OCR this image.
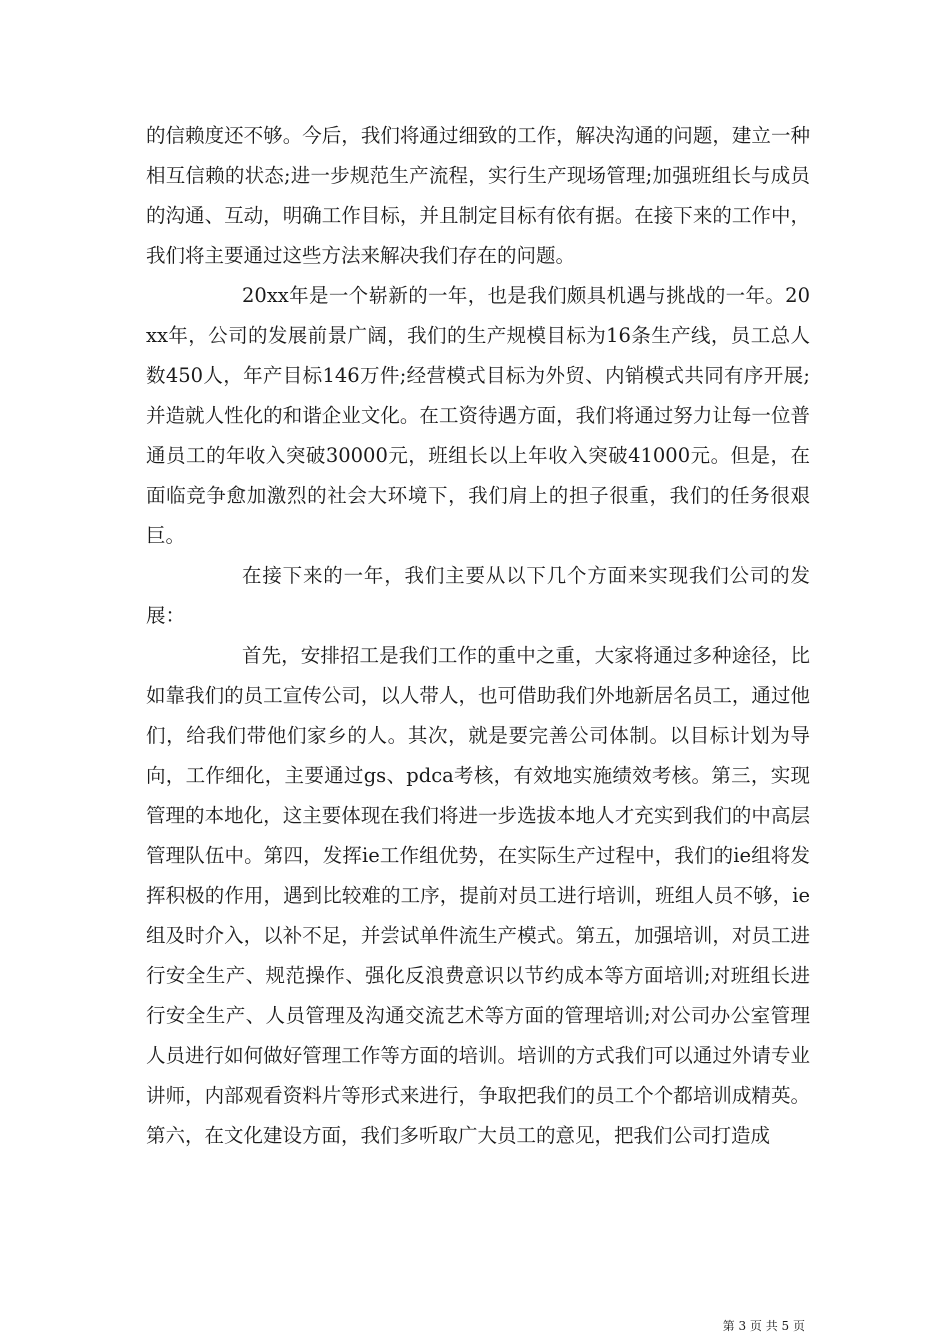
的信赖度还不够。今后，我们将通过细致的工作，解决沟通的问题，建立一种相互信赖的状态;进一步规范生产流程，实行生产现场管理;加强班组长与成员的沟通、互动，明确工作目标，并且制定目标有依有据。在接下来的工作中，我们将主要通过这些方法来解决我们存在的问题。

20xx年是一个崭新的一年，也是我们颇具机遇与挑战的一年。20xx年，公司的发展前景广阔，我们的生产规模目标为16条生产线，员工总人数450人，年产目标146万件;经营模式目标为外贸、内销模式共同有序开展;并造就人性化的和谐企业文化。在工资待遇方面，我们将通过努力让每一位普通员工的年收入突破30000元，班组长以上年收入突破41000元。但是，在面临竞争愈加激烈的社会大环境下，我们肩上的担子很重，我们的任务很艰巨。

在接下来的一年，我们主要从以下几个方面来实现我们公司的发展：

首先，安排招工是我们工作的重中之重，大家将通过多种途径，比如靠我们的员工宣传公司，以人带人，也可借助我们外地新居名员工，通过他们，给我们带他们家乡的人。其次，就是要完善公司体制。以目标计划为导向，工作细化，主要通过gs、pdca考核，有效地实施绩效考核。第三，实现管理的本地化，这主要体现在我们将进一步选拔本地人才充实到我们的中高层管理队伍中。第四，发挥ie工作组优势，在实际生产过程中，我们的ie组将发挥积极的作用，遇到比较难的工序，提前对员工进行培训，班组人员不够，ie组及时介入，以补不足，并尝试单件流生产模式。第五，加强培训，对员工进行安全生产、规范操作、强化反浪费意识以节约成本等方面培训;对班组长进行安全生产、人员管理及沟通交流艺术等方面的管理培训;对公司办公室管理人员进行如何做好管理工作等方面的培训。培训的方式我们可以通过外请专业讲师，内部观看资料片等形式来进行，争取把我们的员工个个都培训成精英。第六，在文化建设方面，我们多听取广大员工的意见，把我们公司打造成

第 3 页 共 5 页
